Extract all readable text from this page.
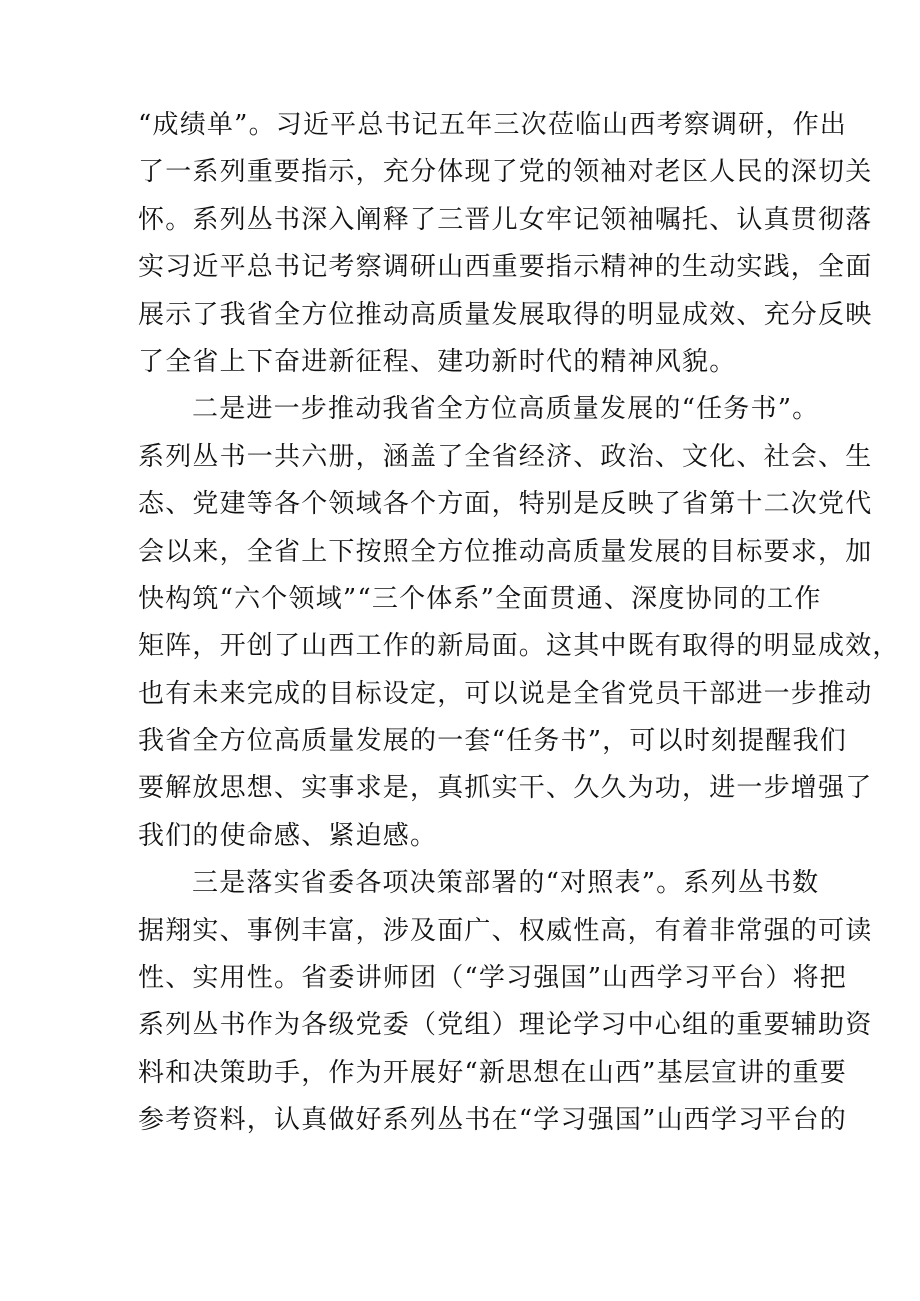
“成绩单”。习近平总书记五年三次莅临山西考察调研，作出
了一系列重要指示，充分体现了党的领袖对老区人民的深切关
怀。系列丛书深入阐释了三晋儿女牢记领袖嘱托、认真贯彻落
实习近平总书记考察调研山西重要指示精神的生动实践，全面
展示了我省全方位推动高质量发展取得的明显成效、充分反映
了全省上下奋进新征程、建功新时代的精神风貌。
二是进一步推动我省全方位高质量发展的“任务书”。
系列丛书一共六册，涵盖了全省经济、政治、文化、社会、生
态、党建等各个领域各个方面，特别是反映了省第十二次党代
会以来，全省上下按照全方位推动高质量发展的目标要求，加
快构筑“六个领域”“三个体系”全面贯通、深度协同的工作
矩阵，开创了山西工作的新局面。这其中既有取得的明显成效，
也有未来完成的目标设定，可以说是全省党员干部进一步推动
我省全方位高质量发展的一套“任务书”，可以时刻提醒我们
要解放思想、实事求是，真抓实干、久久为功，进一步增强了
我们的使命感、紧迫感。
三是落实省委各项决策部署的“对照表”。系列丛书数
据翔实、事例丰富，涉及面广、权威性高，有着非常强的可读
性、实用性。省委讲师团（“学习强国”山西学习平台）将把
系列丛书作为各级党委（党组）理论学习中心组的重要辅助资
料和决策助手，作为开展好“新思想在山西”基层宣讲的重要
参考资料，认真做好系列丛书在“学习强国”山西学习平台的
